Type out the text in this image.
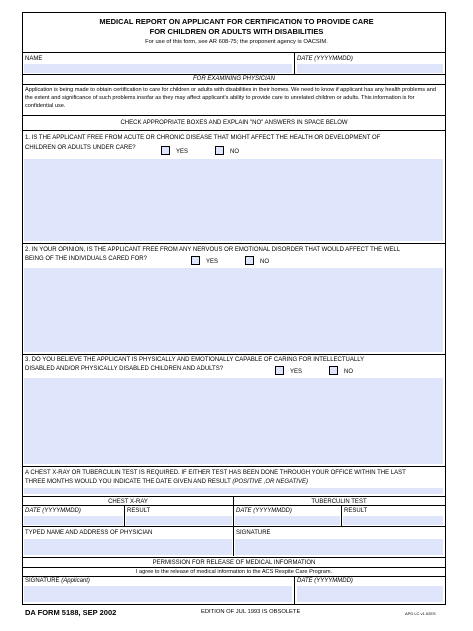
MEDICAL REPORT ON APPLICANT FOR CERTIFICATION TO PROVIDE CARE
FOR CHILDREN OR ADULTS WITH DISABILITIES
For use of this form, see AR 608-75; the proponent agency is OACSIM.
NAME	DATE (YYYYMMDD)
FOR EXAMINING PHYSICIAN
Application is being made to obtain certification to care for children or adults with disabilities in their homes. We need to know if applicant has any health problems and the extent and significance of such problems insofar as they may affect applicant's ability to provide care to unrelated children or adults. This information is for confidential use.
CHECK APPROPRIATE BOXES AND EXPLAIN "NO" ANSWERS IN SPACE BELOW
1. IS THE APPLICANT FREE FROM ACUTE OR CHRONIC DISEASE THAT MIGHT AFFECT THE HEALTH OR DEVELOPMENT OF
CHILDREN OR ADULTS UNDER CARE?
YES	NO
2. IN YOUR OPINION, IS THE APPLICANT FREE FROM ANY NERVOUS OR EMOTIONAL DISORDER THAT WOULD AFFECT THE WELL
BEING OF THE INDIVIDUALS CARED FOR?	YES	NO
3. DO YOU BELIEVE THE APPLICANT IS PHYSICALLY AND EMOTIONALLY CAPABLE OF CARING FOR INTELLECTUALLY
DISABLED AND/OR PHYSICALLY DISABLED CHILDREN AND ADULTS?	YES	NO
A CHEST X-RAY OR TUBERCULIN TEST IS REQUIRED. IF EITHER TEST HAS BEEN DONE THROUGH YOUR OFFICE WITHIN THE LAST
THREE MONTHS WOULD YOU INDICATE THE DATE GIVEN AND RESULT (POSITIVE ,OR NEGATIVE)
CHEST X-RAY	TUBERCULIN TEST
DATE (YYYYMMDD)	RESULT	DATE (YYYYMMDD)	RESULT
TYPED NAME AND ADDRESS OF PHYSICIAN	SIGNATURE
PERMISSION FOR RELEASE OF MEDICAL INFORMATION
I agree to the release of medical information to the ACS Respite Care Program.
SIGNATURE (Applicant)	DATE (YYYYMMDD)
DA FORM 5188, SEP 2002	EDITION OF JUL 1993 IS OBSOLETE	APD LC v1.02ES
